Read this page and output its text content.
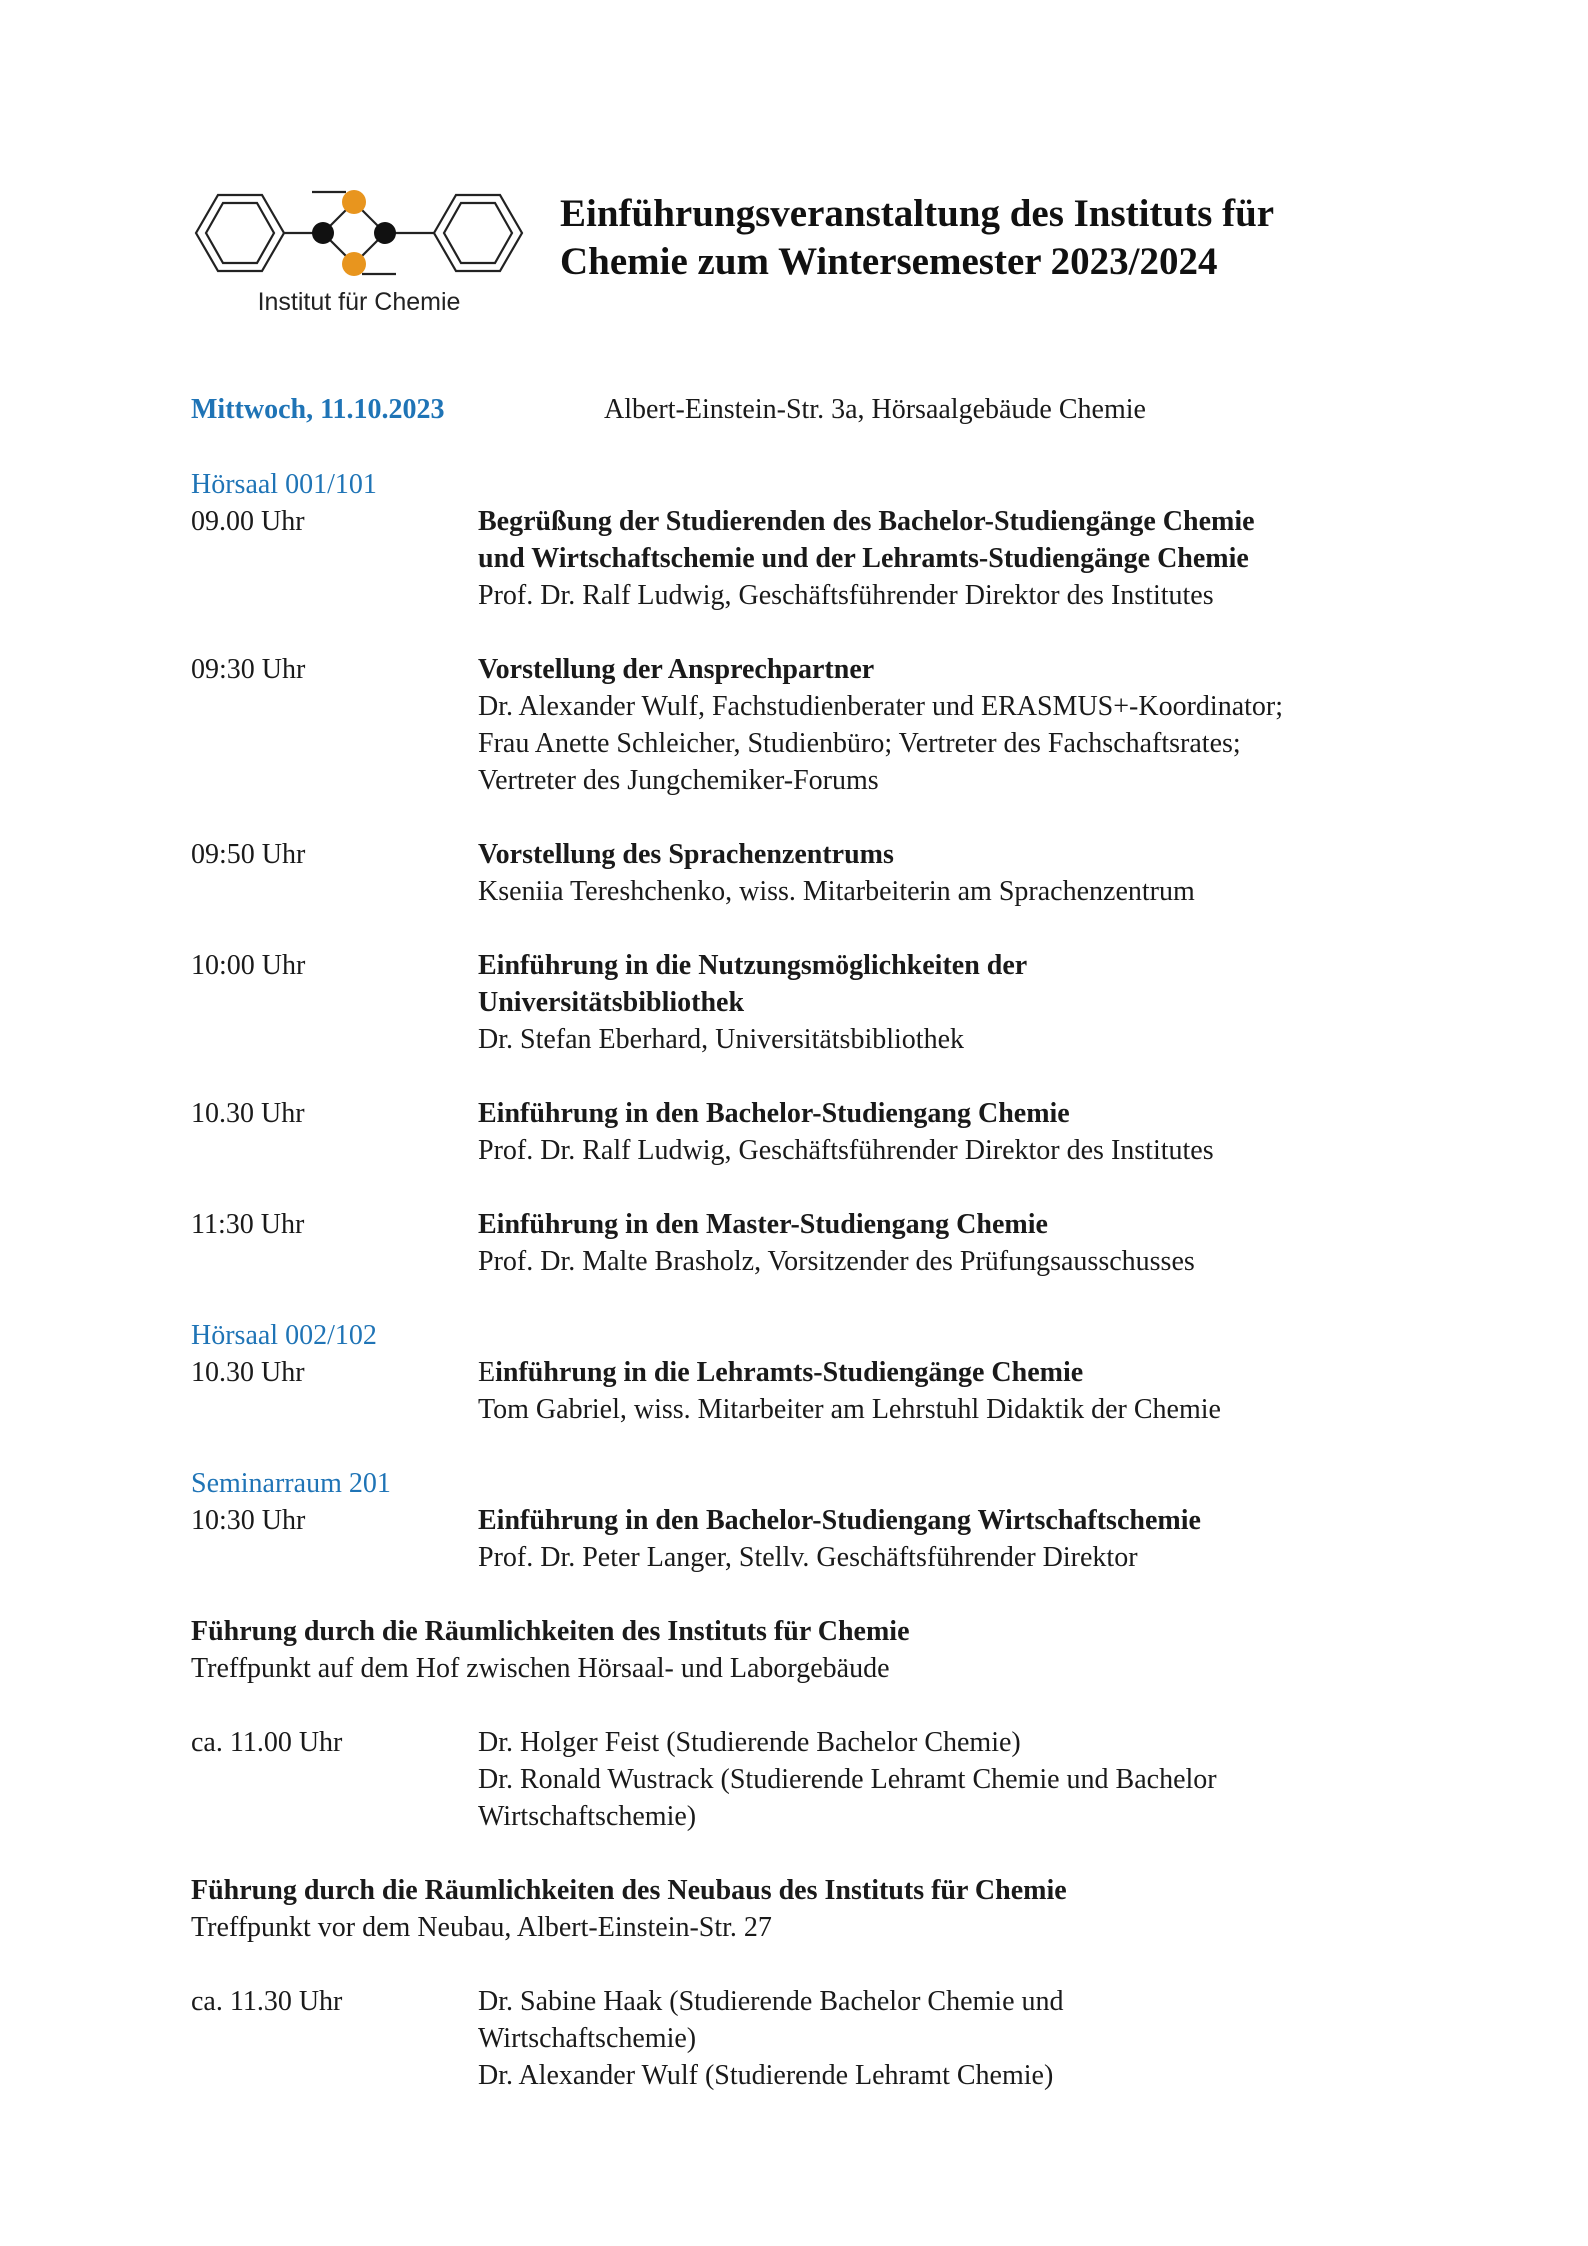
Institut für Chemie
Einführungsveranstaltung des Instituts für
Chemie zum Wintersemester 2023/2024
Mittwoch, 11.10.2023	Albert-Einstein-Str. 3a, Hörsaalgebäude Chemie
Hörsaal 001/101
09.00 Uhr	Begrüßung der Studierenden des Bachelor-Studiengänge Chemie
und Wirtschaftschemie und der Lehramts-Studiengänge Chemie
Prof. Dr. Ralf Ludwig, Geschäftsführender Direktor des Institutes
09:30 Uhr	Vorstellung der Ansprechpartner
Dr. Alexander Wulf, Fachstudienberater und ERASMUS+-Koordinator;
Frau Anette Schleicher, Studienbüro; Vertreter des Fachschaftsrates;
Vertreter des Jungchemiker-Forums
09:50 Uhr	Vorstellung des Sprachenzentrums
Kseniia Tereshchenko, wiss. Mitarbeiterin am Sprachenzentrum
10:00 Uhr	Einführung in die Nutzungsmöglichkeiten der
Universitätsbibliothek
Dr. Stefan Eberhard, Universitätsbibliothek
10.30 Uhr	Einführung in den Bachelor-Studiengang Chemie
Prof. Dr. Ralf Ludwig, Geschäftsführender Direktor des Institutes
11:30 Uhr	Einführung in den Master-Studiengang Chemie
Prof. Dr. Malte Brasholz, Vorsitzender des Prüfungsausschusses
Hörsaal 002/102
10.30 Uhr	Einführung in die Lehramts-Studiengänge Chemie
Tom Gabriel, wiss. Mitarbeiter am Lehrstuhl Didaktik der Chemie
Seminarraum 201
10:30 Uhr	Einführung in den Bachelor-Studiengang Wirtschaftschemie
Prof. Dr. Peter Langer, Stellv. Geschäftsführender Direktor
Führung durch die Räumlichkeiten des Instituts für Chemie
Treffpunkt auf dem Hof zwischen Hörsaal- und Laborgebäude
ca. 11.00 Uhr	Dr. Holger Feist (Studierende Bachelor Chemie)
Dr. Ronald Wustrack (Studierende Lehramt Chemie und Bachelor
Wirtschaftschemie)
Führung durch die Räumlichkeiten des Neubaus des Instituts für Chemie
Treffpunkt vor dem Neubau, Albert-Einstein-Str. 27
ca. 11.30 Uhr	Dr. Sabine Haak (Studierende Bachelor Chemie und
Wirtschaftschemie)
Dr. Alexander Wulf (Studierende Lehramt Chemie)
